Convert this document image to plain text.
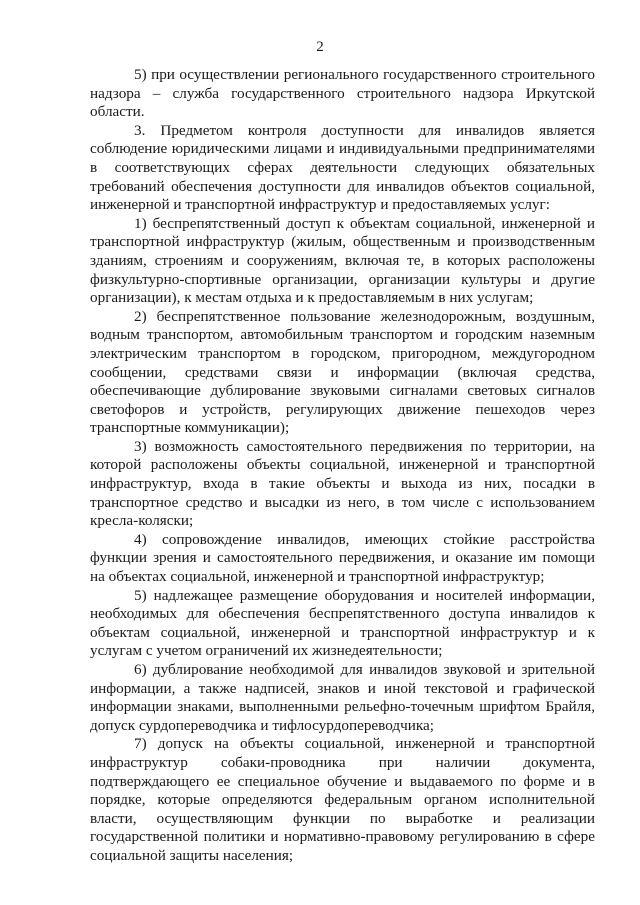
2

5) при осуществлении регионального государственного строительного надзора – служба государственного строительного надзора Иркутской области.

3. Предметом контроля доступности для инвалидов является соблюдение юридическими лицами и индивидуальными предпринимателями в соответствующих сферах деятельности следующих обязательных требований обеспечения доступности для инвалидов объектов социальной, инженерной и транспортной инфраструктур и предоставляемых услуг:

1) беспрепятственный доступ к объектам социальной, инженерной и транспортной инфраструктур (жилым, общественным и производственным зданиям, строениям и сооружениям, включая те, в которых расположены физкультурно-спортивные организации, организации культуры и другие организации), к местам отдыха и к предоставляемым в них услугам;

2) беспрепятственное пользование железнодорожным, воздушным, водным транспортом, автомобильным транспортом и городским наземным электрическим транспортом в городском, пригородном, междугородном сообщении, средствами связи и информации (включая средства, обеспечивающие дублирование звуковыми сигналами световых сигналов светофоров и устройств, регулирующих движение пешеходов через транспортные коммуникации);

3) возможность самостоятельного передвижения по территории, на которой расположены объекты социальной, инженерной и транспортной инфраструктур, входа в такие объекты и выхода из них, посадки в транспортное средство и высадки из него, в том числе с использованием кресла-коляски;

4) сопровождение инвалидов, имеющих стойкие расстройства функции зрения и самостоятельного передвижения, и оказание им помощи на объектах социальной, инженерной и транспортной инфраструктур;

5) надлежащее размещение оборудования и носителей информации, необходимых для обеспечения беспрепятственного доступа инвалидов к объектам социальной, инженерной и транспортной инфраструктур и к услугам с учетом ограничений их жизнедеятельности;

6) дублирование необходимой для инвалидов звуковой и зрительной информации, а также надписей, знаков и иной текстовой и графической информации знаками, выполненными рельефно-точечным шрифтом Брайля, допуск сурдопереводчика и тифлосурдопереводчика;

7) допуск на объекты социальной, инженерной и транспортной инфраструктур собаки-проводника при наличии документа, подтверждающего ее специальное обучение и выдаваемого по форме и в порядке, которые определяются федеральным органом исполнительной власти, осуществляющим функции по выработке и реализации государственной политики и нормативно-правовому регулированию в сфере социальной защиты населения;
